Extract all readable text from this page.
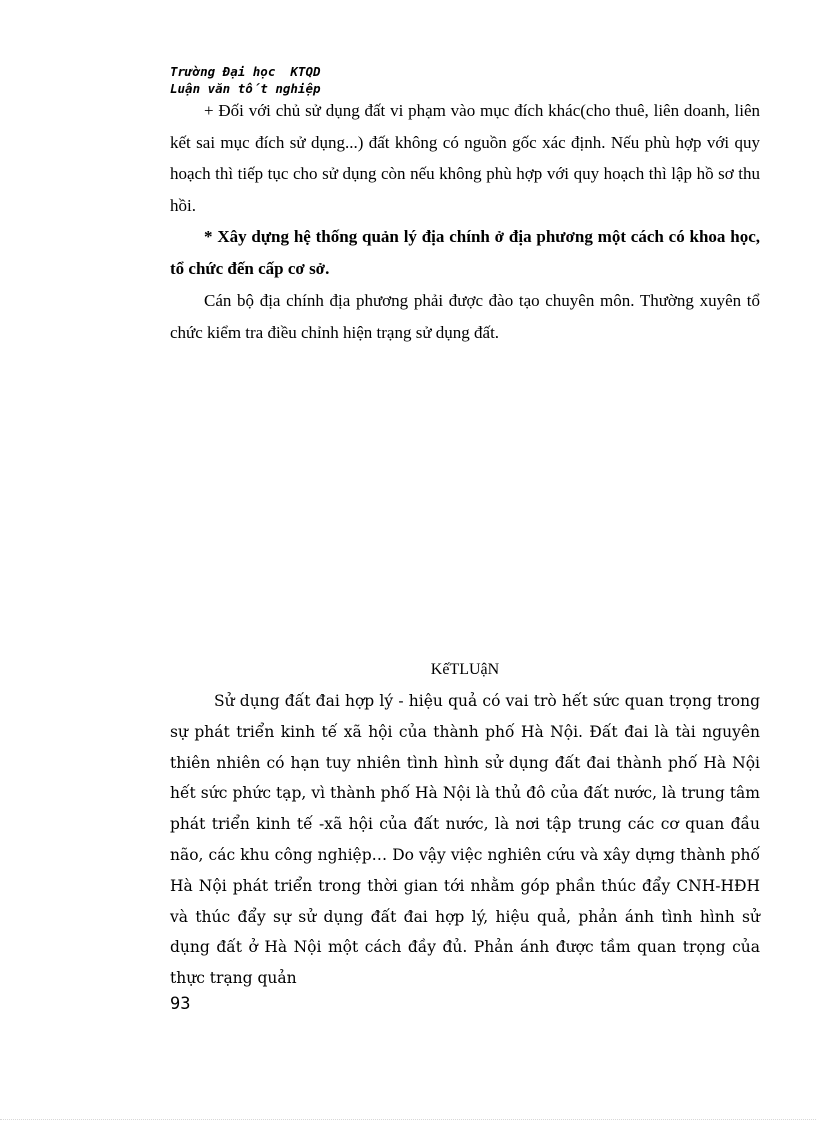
Trường Đại học  KTQD
Luận văn tốt nghiệp

+ Đối với chủ sử dụng đất vi phạm vào mục đích khác(cho thuê, liên doanh, liên kết sai mục đích sử dụng...) đất không có nguồn gốc xác định. Nếu phù hợp với quy hoạch thì tiếp tục cho sử dụng còn nếu không phù hợp với quy hoạch thì lập hồ sơ thu hồi.

* Xây dựng hệ thống quản lý địa chính ở địa phương một cách có khoa học, tổ chức đến cấp cơ sở.

Cán bộ địa chính địa phương phải được đào tạo chuyên môn. Thường xuyên tổ chức kiểm tra điều chỉnh hiện trạng sử dụng đất.

KếTLUậN

Sử dụng đất đai hợp lý - hiệu quả có vai trò hết sức quan trọng trong sự phát triển kinh tế xã hội của thành phố Hà Nội. Đất đai là tài nguyên thiên nhiên có hạn tuy nhiên tình hình sử dụng đất đai thành phố Hà Nội hết sức phức tạp, vì thành phố Hà Nội là thủ đô của đất nước, là trung tâm phát triển kinh tế -xã hội của đất nước, là nơi tập trung các cơ quan đầu não, các khu công nghiệp… Do vậy việc nghiên cứu và xây dựng thành phố Hà Nội phát triển trong thời gian tới nhằm góp phần thúc đẩy CNH-HĐH và thúc đẩy sự sử dụng đất đai hợp lý, hiệu quả, phản ánh tình hình sử dụng đất ở Hà Nội một cách đầy đủ. Phản ánh được tầm quan trọng của thực trạng quản

93
